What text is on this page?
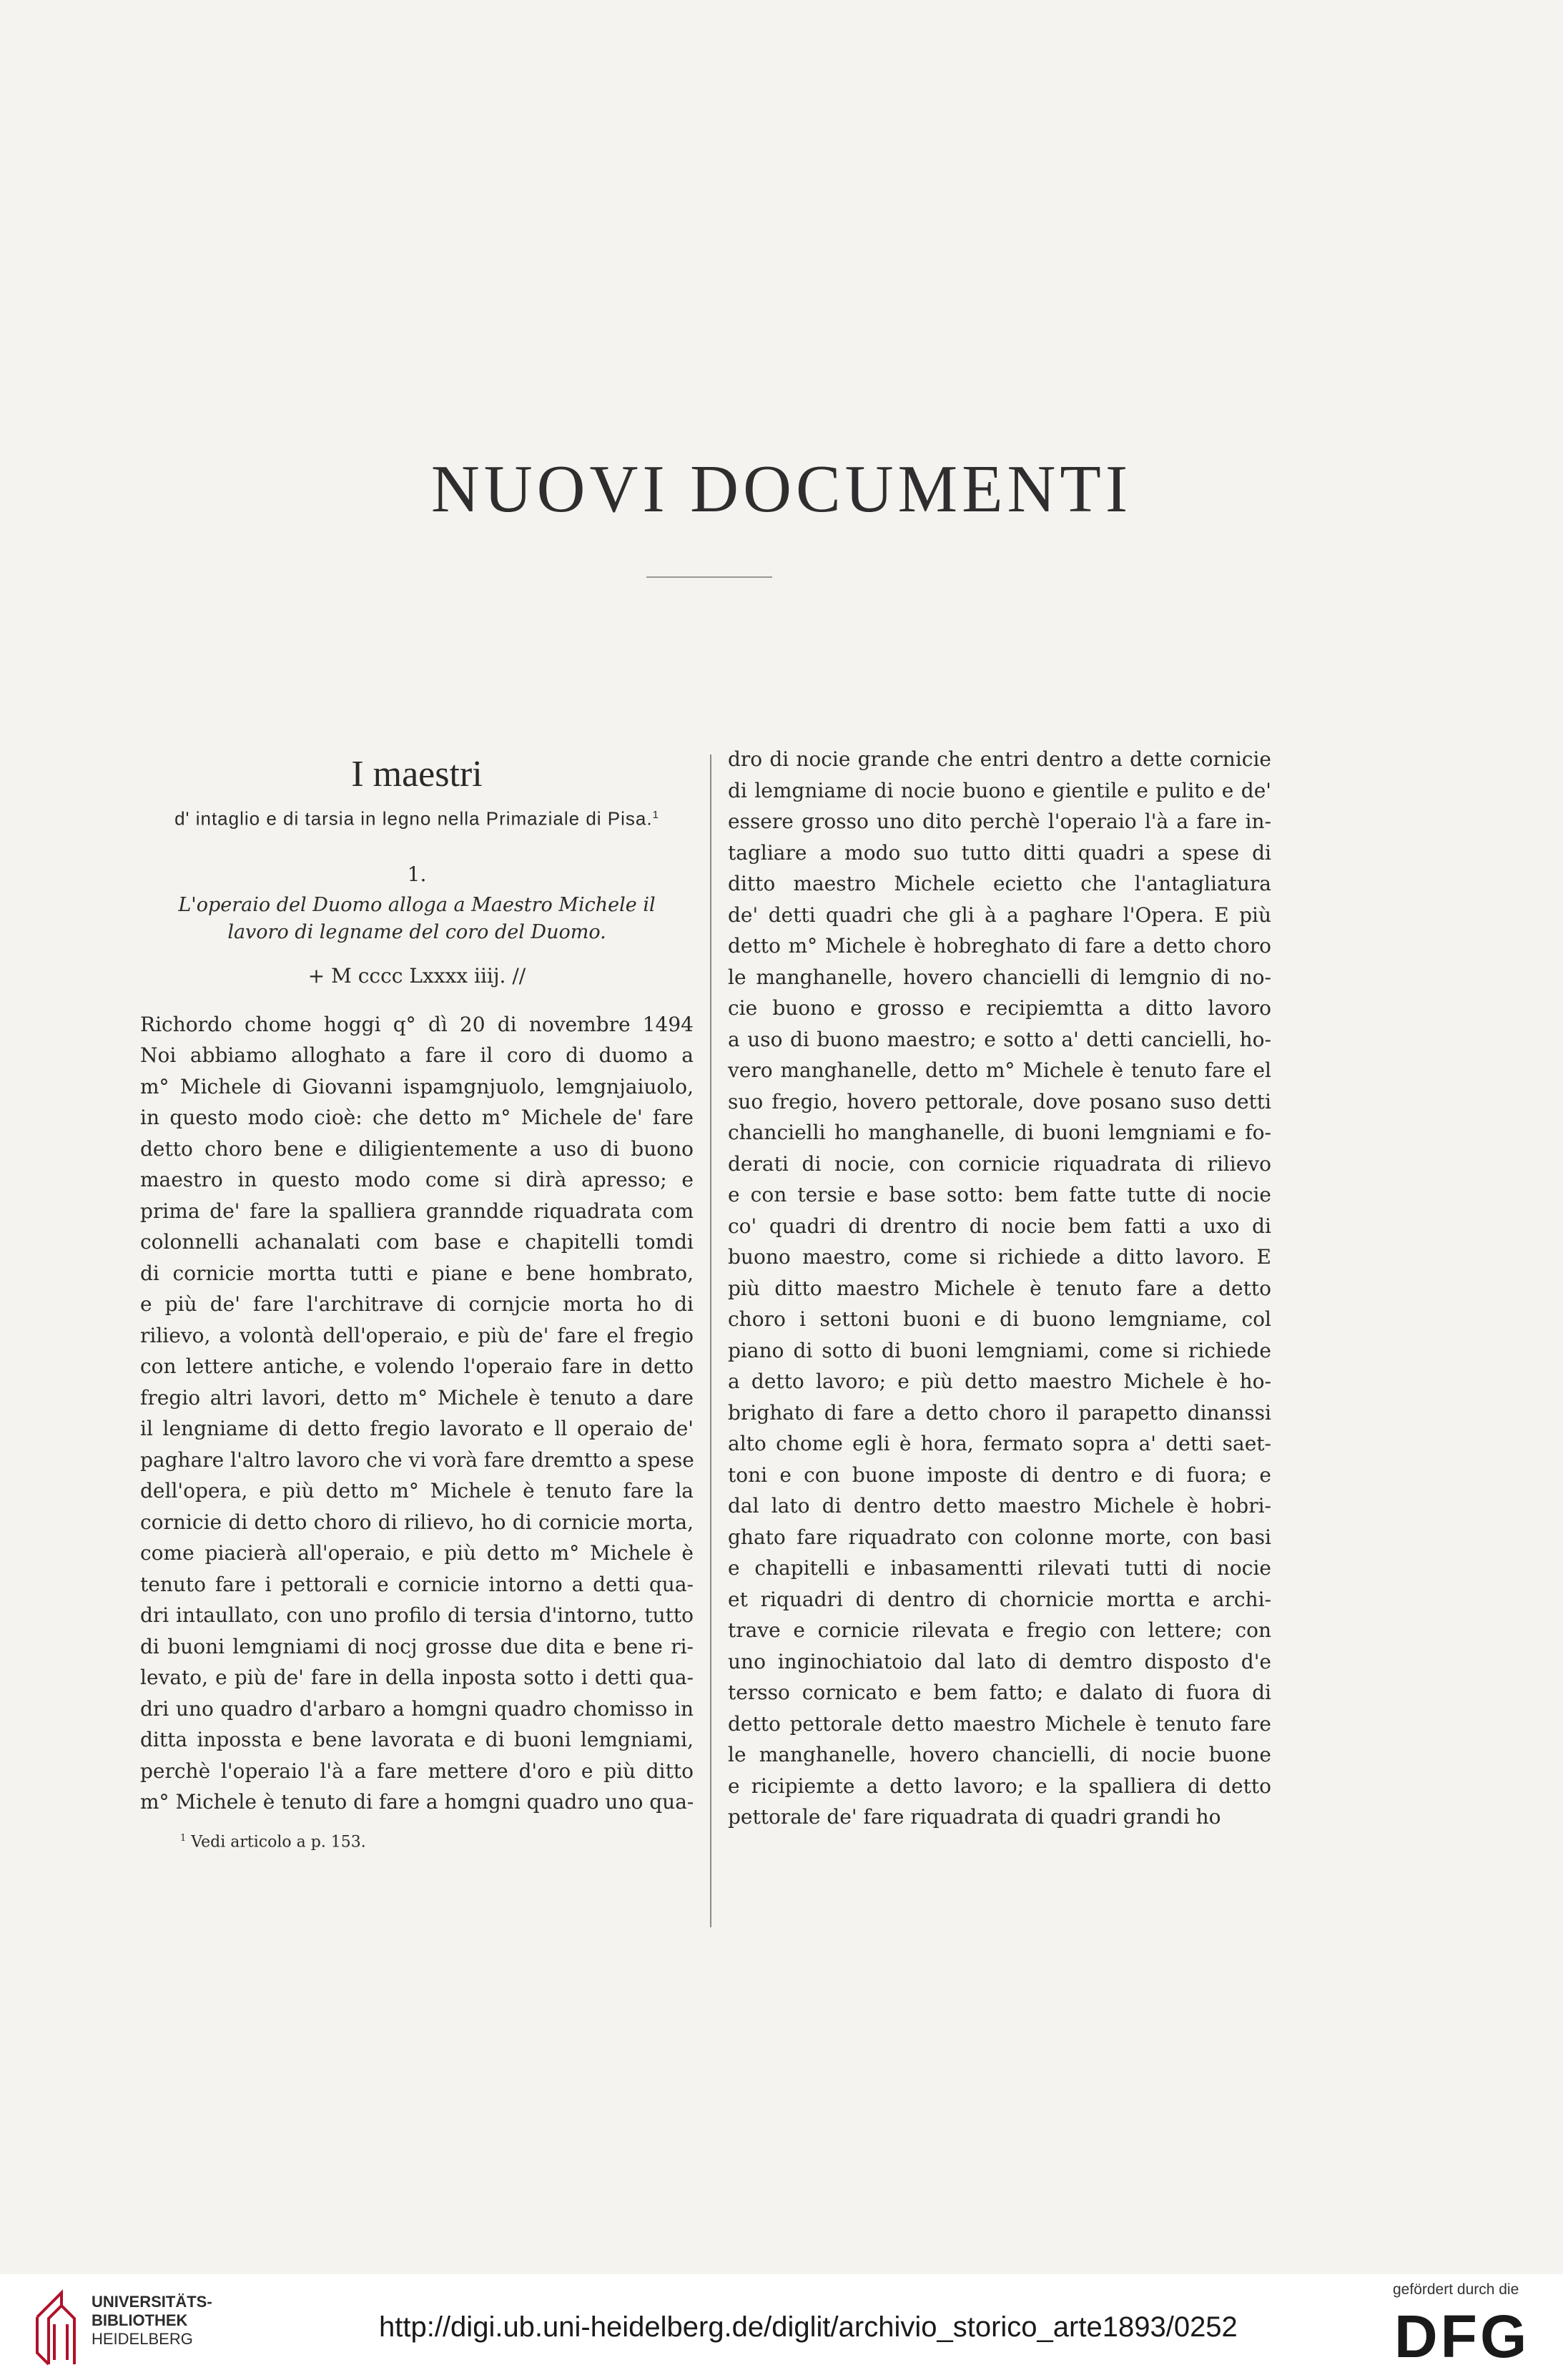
NUOVI DOCUMENTI
I maestri
d' intaglio e di tarsia in legno nella Primaziale di Pisa.$^1$
1.
L'operaio del Duomo alloga a Maestro Michele il
lavoro di legname del coro del Duomo.
+ M cccc Lxxxx iiij. //
Richordo chome hoggi q° dì 20 di novembre 1494
Noi abbiamo alloghato a fare il coro di duomo a
m° Michele di Giovanni ispamgnjuolo, lemgnjaiuolo,
in questo modo cioè: che detto m° Michele de' fare
detto choro bene e diligientemente a uso di buono
maestro in questo modo come si dirà apresso; e
prima de' fare la spalliera granndde riquadrata com
colonnelli achanalati com base e chapitelli tomdi
di cornicie mortta tutti e piane e bene hombrato,
e più de' fare l'architrave di cornjcie morta ho di
rilievo, a volontà dell'operaio, e più de' fare el fregio
con lettere antiche, e volendo l'operaio fare in detto
fregio altri lavori, detto m° Michele è tenuto a dare
il lengniame di detto fregio lavorato e ll operaio de'
paghare l'altro lavoro che vi vorà fare dremtto a spese
dell'opera, e più detto m° Michele è tenuto fare la
cornicie di detto choro di rilievo, ho di cornicie morta,
come piacierà all'operaio, e più detto m° Michele è
tenuto fare i pettorali e cornicie intorno a detti qua-
dri intaullato, con uno profilo di tersia d'intorno, tutto
di buoni lemgniami di nocj grosse due dita e bene ri-
levato, e più de' fare in della inposta sotto i detti qua-
dri uno quadro d'arbaro a homgni quadro chomisso in
ditta inpossta e bene lavorata e di buoni lemgniami,
perchè l'operaio l'à a fare mettere d'oro e più ditto
m° Michele è tenuto di fare a homgni quadro uno qua-
$^1$ Vedi articolo a p. 153.
dro di nocie grande che entri dentro a dette cornicie
di lemgniame di nocie buono e gientile e pulito e de'
essere grosso uno dito perchè l'operaio l'à a fare in-
tagliare a modo suo tutto ditti quadri a spese di
ditto maestro Michele ecietto che l'antagliatura
de' detti quadri che gli à a paghare l'Opera. E più
detto m° Michele è hobreghato di fare a detto choro
le manghanelle, hovero chancielli di lemgnio di no-
cie buono e grosso e recipiemtta a ditto lavoro
a uso di buono maestro; e sotto a' detti cancielli, ho-
vero manghanelle, detto m° Michele è tenuto fare el
suo fregio, hovero pettorale, dove posano suso detti
chancielli ho manghanelle, di buoni lemgniami e fo-
derati di nocie, con cornicie riquadrata di rilievo
e con tersie e base sotto: bem fatte tutte di nocie
co' quadri di drentro di nocie bem fatti a uxo di
buono maestro, come si richiede a ditto lavoro. E
più ditto maestro Michele è tenuto fare a detto
choro i settoni buoni e di buono lemgniame, col
piano di sotto di buoni lemgniami, come si richiede
a detto lavoro; e più detto maestro Michele è ho-
brighato di fare a detto choro il parapetto dinanssi
alto chome egli è hora, fermato sopra a' detti saet-
toni e con buone imposte di dentro e di fuora; e
dal lato di dentro detto maestro Michele è hobri-
ghato fare riquadrato con colonne morte, con basi
e chapitelli e inbasamentti rilevati tutti di nocie
et riquadri di dentro di chornicie mortta e archi-
trave e cornicie rilevata e fregio con lettere; con
uno inginochiatoio dal lato di demtro disposto d'e
tersso cornicato e bem fatto; e dalato di fuora di
detto pettorale detto maestro Michele è tenuto fare
le manghanelle, hovero chancielli, di nocie buone
e ricipiemte a detto lavoro; e la spalliera di detto
pettorale de' fare riquadrata di quadri grandi ho
UNIVERSITÄTS-
BIBLIOTHEK
HEIDELBERG	http://digi.ub.uni-heidelberg.de/diglit/archivio_storico_arte1893/0252
gefördert durch die
DFG
